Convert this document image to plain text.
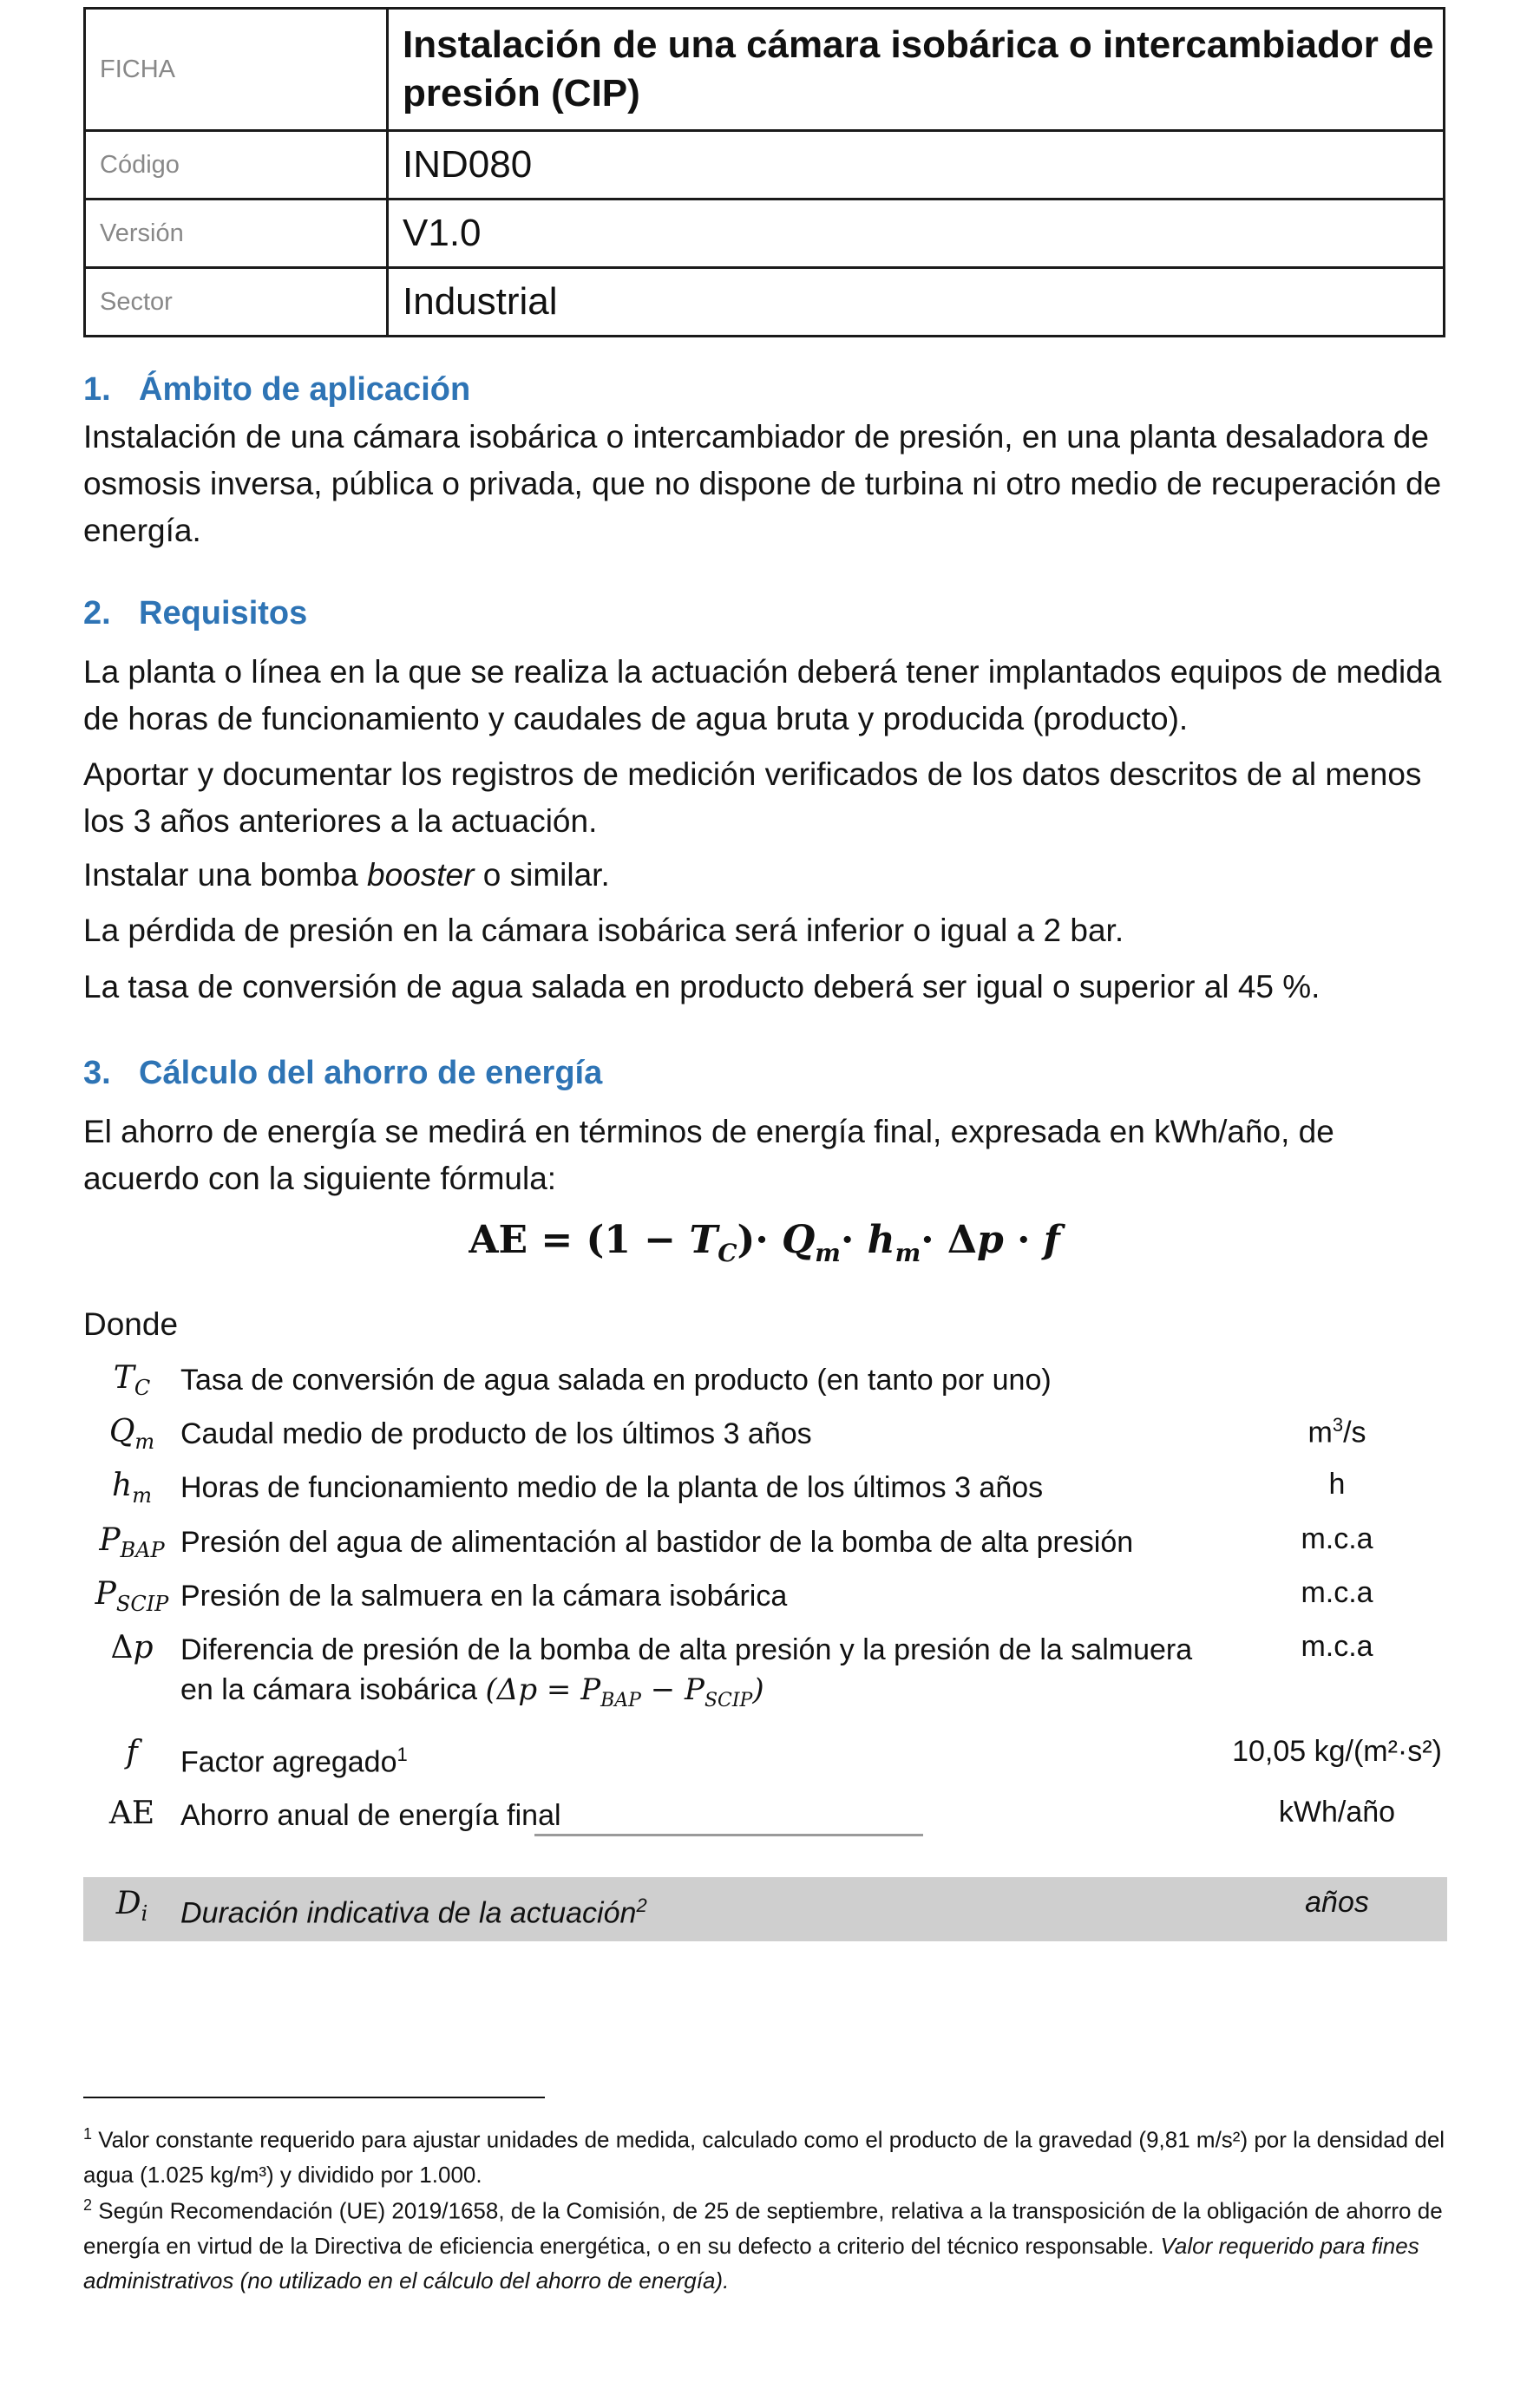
FICHA	Instalación de una cámara isobárica o intercambiador de presión (CIP)
Código	IND080
Versión	V1.0
Sector	Industrial
1. Ámbito de aplicación
Instalación de una cámara isobárica o intercambiador de presión, en una planta desaladora de osmosis inversa, pública o privada, que no dispone de turbina ni otro medio de recuperación de energía.
2. Requisitos
La planta o línea en la que se realiza la actuación deberá tener implantados equipos de medida de horas de funcionamiento y caudales de agua bruta y producida (producto).
Aportar y documentar los registros de medición verificados de los datos descritos de al menos los 3 años anteriores a la actuación.
Instalar una bomba booster o similar.
La pérdida de presión en la cámara isobárica será inferior o igual a 2 bar.
La tasa de conversión de agua salada en producto deberá ser igual o superior al 45 %.
3. Cálculo del ahorro de energía
El ahorro de energía se medirá en términos de energía final, expresada en kWh/año, de acuerdo con la siguiente fórmula:
AE = $(1 - T_C)\cdot Q_m\cdot h_m\cdot \Delta p \cdot f$
Donde
$T_C$	Tasa de conversión de agua salada en producto (en tanto por uno)	
$Q_m$	Caudal medio de producto de los últimos 3 años	$m^3/s$
$h_m$	Horas de funcionamiento medio de la planta de los últimos 3 años	h
$P_{BAP}$	Presión del agua de alimentación al bastidor de la bomba de alta presión	m.c.a
$P_{SCIP}$	Presión de la salmuera en la cámara isobárica	m.c.a
Δp	Diferencia de presión de la bomba de alta presión y la presión de la salmuera en la cámara isobárica $(\Delta p = P_{BAP} - P_{SCIP})$	m.c.a
f	Factor agregado$^1$	10,05 kg/(m²·s²)
AE	Ahorro anual de energía final	kWh/año

$D_i$	Duración indicativa de la actuación$^2$	años
$^1$ Valor constante requerido para ajustar unidades de medida, calculado como el producto de la gravedad (9,81 m/s²) por la densidad del agua (1.025 kg/m³) y dividido por 1.000.
$^2$ Según Recomendación (UE) 2019/1658, de la Comisión, de 25 de septiembre, relativa a la transposición de la obligación de ahorro de energía en virtud de la Directiva de eficiencia energética, o en su defecto a criterio del técnico responsable. Valor requerido para fines administrativos (no utilizado en el cálculo del ahorro de energía).
